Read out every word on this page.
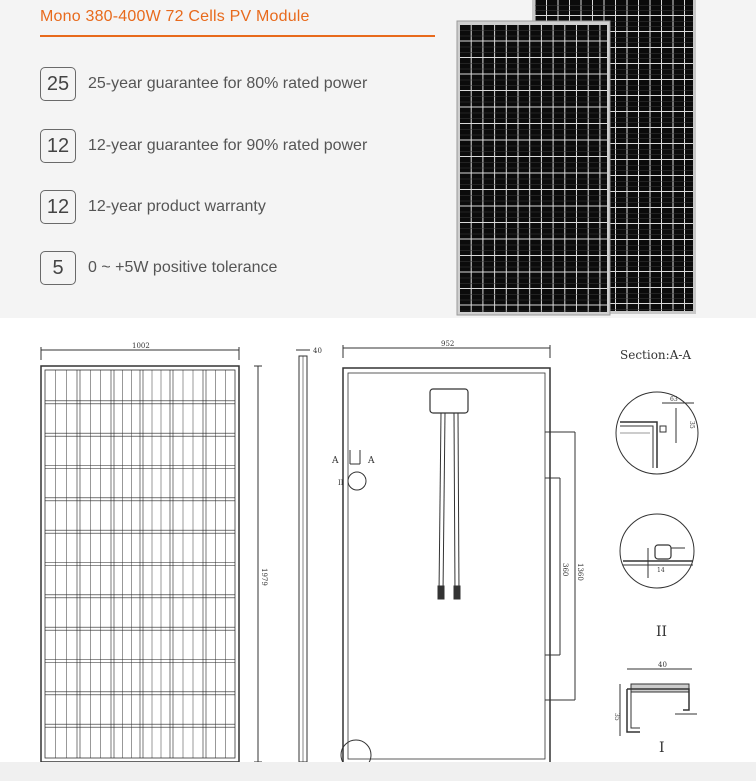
Mono 380-400W 72 Cells PV Module
25	25-year guarantee for 80% rated power
12	12-year guarantee for 90% rated power
12	12-year product warranty
5	0 ~ +5W positive tolerance
1002
1979
40
952
360 1360
A	A
II
Section:A-A
63
35
14
II
40
35
I
